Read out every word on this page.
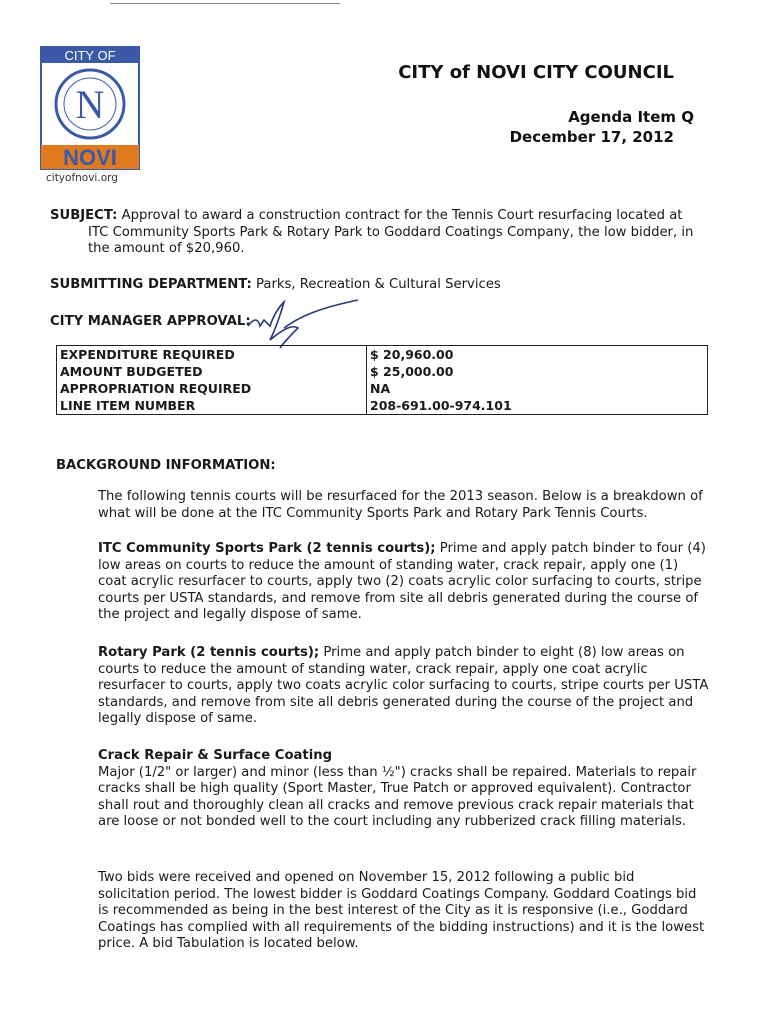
CITY OF
N
NOVI
cityofnovi.org
CITY of NOVI CITY COUNCIL
Agenda Item Q
December 17, 2012
SUBJECT: Approval to award a construction contract for the Tennis Court resurfacing located at
ITC Community Sports Park & Rotary Park to Goddard Coatings Company, the low bidder, in the amount of $20,960.
SUBMITTING DEPARTMENT: Parks, Recreation & Cultural Services
CITY MANAGER APPROVAL:
EXPENDITURE REQUIRED	$ 20,960.00
AMOUNT BUDGETED	$ 25,000.00
APPROPRIATION REQUIRED	NA
LINE ITEM NUMBER	208-691.00-974.101
BACKGROUND INFORMATION:
The following tennis courts will be resurfaced for the 2013 season. Below is a breakdown of what will be done at the ITC Community Sports Park and Rotary Park Tennis Courts.
ITC Community Sports Park (2 tennis courts); Prime and apply patch binder to four (4) low areas on courts to reduce the amount of standing water, crack repair, apply one (1) coat acrylic resurfacer to courts, apply two (2) coats acrylic color surfacing to courts, stripe courts per USTA standards, and remove from site all debris generated during the course of the project and legally dispose of same.
Rotary Park (2 tennis courts); Prime and apply patch binder to eight (8) low areas on courts to reduce the amount of standing water, crack repair, apply one coat acrylic resurfacer to courts, apply two coats acrylic color surfacing to courts, stripe courts per USTA standards, and remove from site all debris generated during the course of the project and legally dispose of same.
Crack Repair & Surface Coating
Major (1/2" or larger) and minor (less than ½") cracks shall be repaired. Materials to repair cracks shall be high quality (Sport Master, True Patch or approved equivalent). Contractor shall rout and thoroughly clean all cracks and remove previous crack repair materials that are loose or not bonded well to the court including any rubberized crack filling materials.
Two bids were received and opened on November 15, 2012 following a public bid solicitation period. The lowest bidder is Goddard Coatings Company. Goddard Coatings bid is recommended as being in the best interest of the City as it is responsive (i.e., Goddard Coatings has complied with all requirements of the bidding instructions) and it is the lowest price. A bid Tabulation is located below.
